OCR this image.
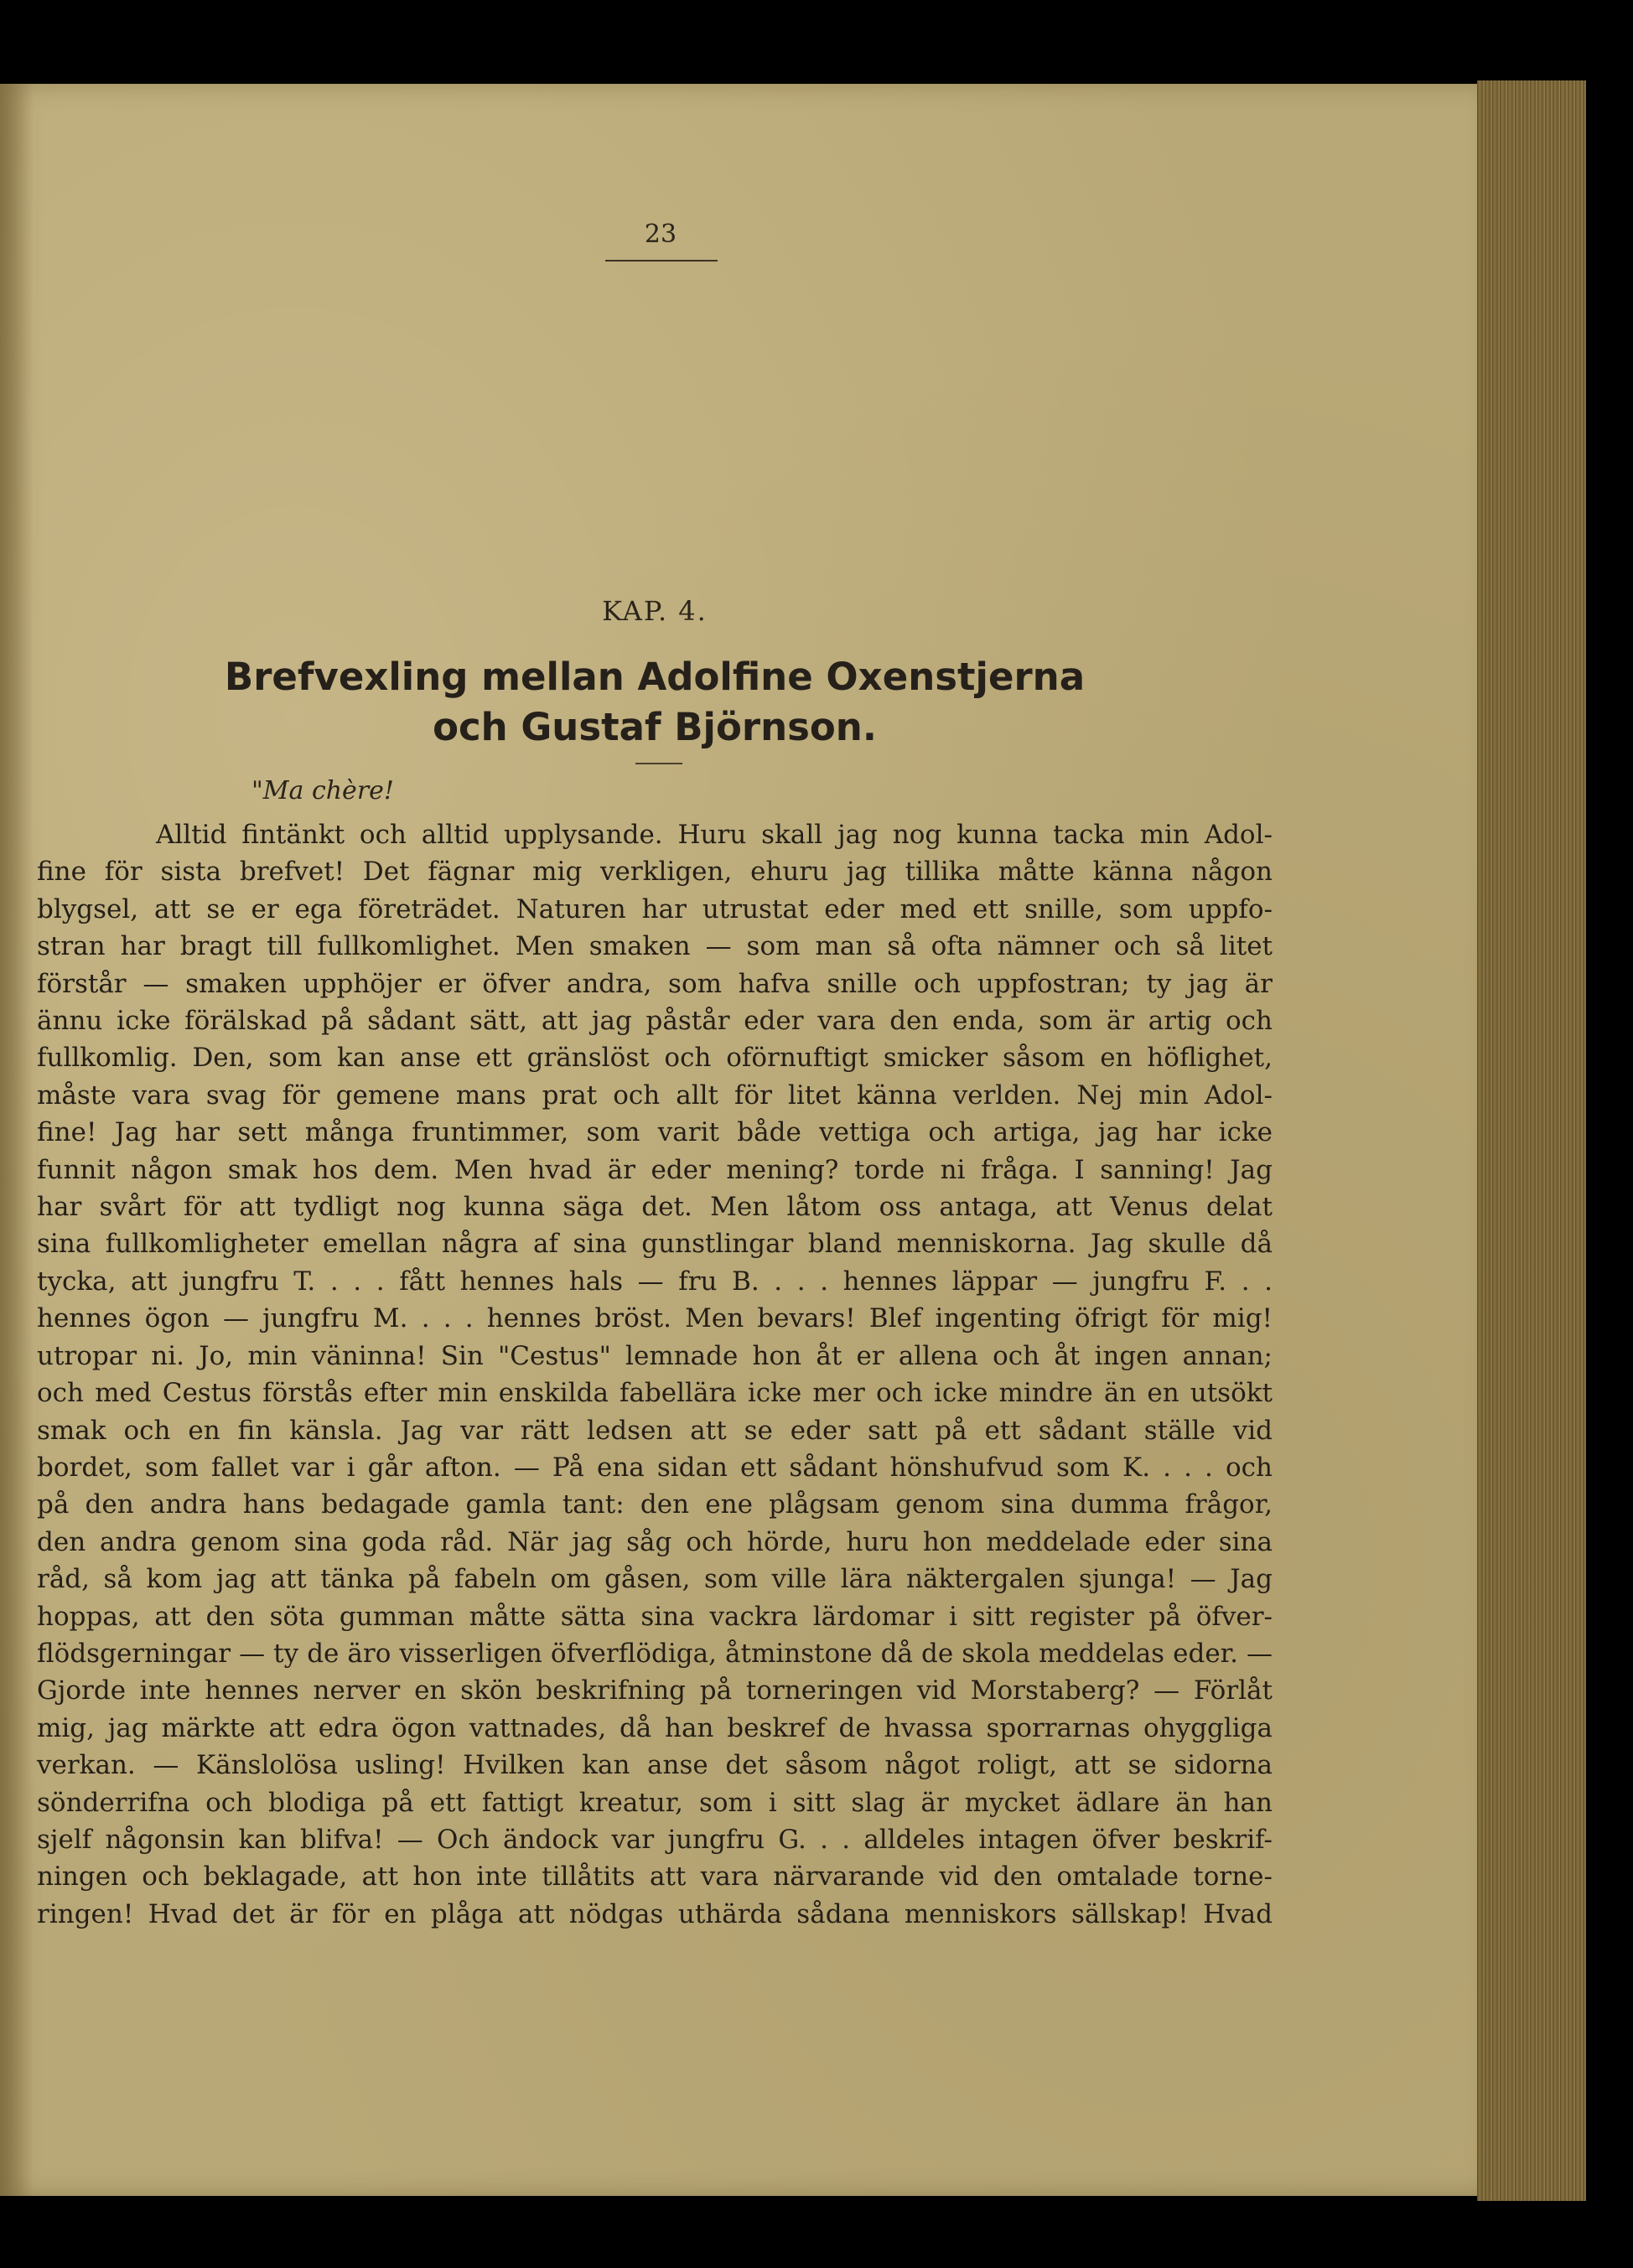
23
KAP. 4.
Brefvexling mellan Adolfine Oxenstjerna
och Gustaf Björnson.
"Ma chère!
Alltid fintänkt och alltid upplysande. Huru skall jag nog kunna tacka min Adol-
fine för sista brefvet! Det fägnar mig verkligen, ehuru jag tillika måtte känna någon
blygsel, att se er ega företrädet. Naturen har utrustat eder med ett snille, som uppfo-
stran har bragt till fullkomlighet. Men smaken — som man så ofta nämner och så litet
förstår — smaken upphöjer er öfver andra, som hafva snille och uppfostran; ty jag är
ännu icke förälskad på sådant sätt, att jag påstår eder vara den enda, som är artig och
fullkomlig. Den, som kan anse ett gränslöst och oförnuftigt smicker såsom en höflighet,
måste vara svag för gemene mans prat och allt för litet känna verlden. Nej min Adol-
fine! Jag har sett många fruntimmer, som varit både vettiga och artiga, jag har icke
funnit någon smak hos dem. Men hvad är eder mening? torde ni fråga. I sanning! Jag
har svårt för att tydligt nog kunna säga det. Men låtom oss antaga, att Venus delat
sina fullkomligheter emellan några af sina gunstlingar bland menniskorna. Jag skulle då
tycka, att jungfru T. . . . fått hennes hals — fru B. . . . hennes läppar — jungfru F. . .
hennes ögon — jungfru M. . . . hennes bröst. Men bevars! Blef ingenting öfrigt för mig!
utropar ni. Jo, min väninna! Sin "Cestus" lemnade hon åt er allena och åt ingen annan;
och med Cestus förstås efter min enskilda fabellära icke mer och icke mindre än en utsökt
smak och en fin känsla. Jag var rätt ledsen att se eder satt på ett sådant ställe vid
bordet, som fallet var i går afton. — På ena sidan ett sådant hönshufvud som K. . . . och
på den andra hans bedagade gamla tant: den ene plågsam genom sina dumma frågor,
den andra genom sina goda råd. När jag såg och hörde, huru hon meddelade eder sina
råd, så kom jag att tänka på fabeln om gåsen, som ville lära näktergalen sjunga! — Jag
hoppas, att den söta gumman måtte sätta sina vackra lärdomar i sitt register på öfver-
flödsgerningar — ty de äro visserligen öfverflödiga, åtminstone då de skola meddelas eder. —
Gjorde inte hennes nerver en skön beskrifning på torneringen vid Morstaberg? — Förlåt
mig, jag märkte att edra ögon vattnades, då han beskref de hvassa sporrarnas ohyggliga
verkan. — Känslolösa usling! Hvilken kan anse det såsom något roligt, att se sidorna
sönderrifna och blodiga på ett fattigt kreatur, som i sitt slag är mycket ädlare än han
sjelf någonsin kan blifva! — Och ändock var jungfru G. . . alldeles intagen öfver beskrif-
ningen och beklagade, att hon inte tillåtits att vara närvarande vid den omtalade torne-
ringen! Hvad det är för en plåga att nödgas uthärda sådana menniskors sällskap! Hvad
